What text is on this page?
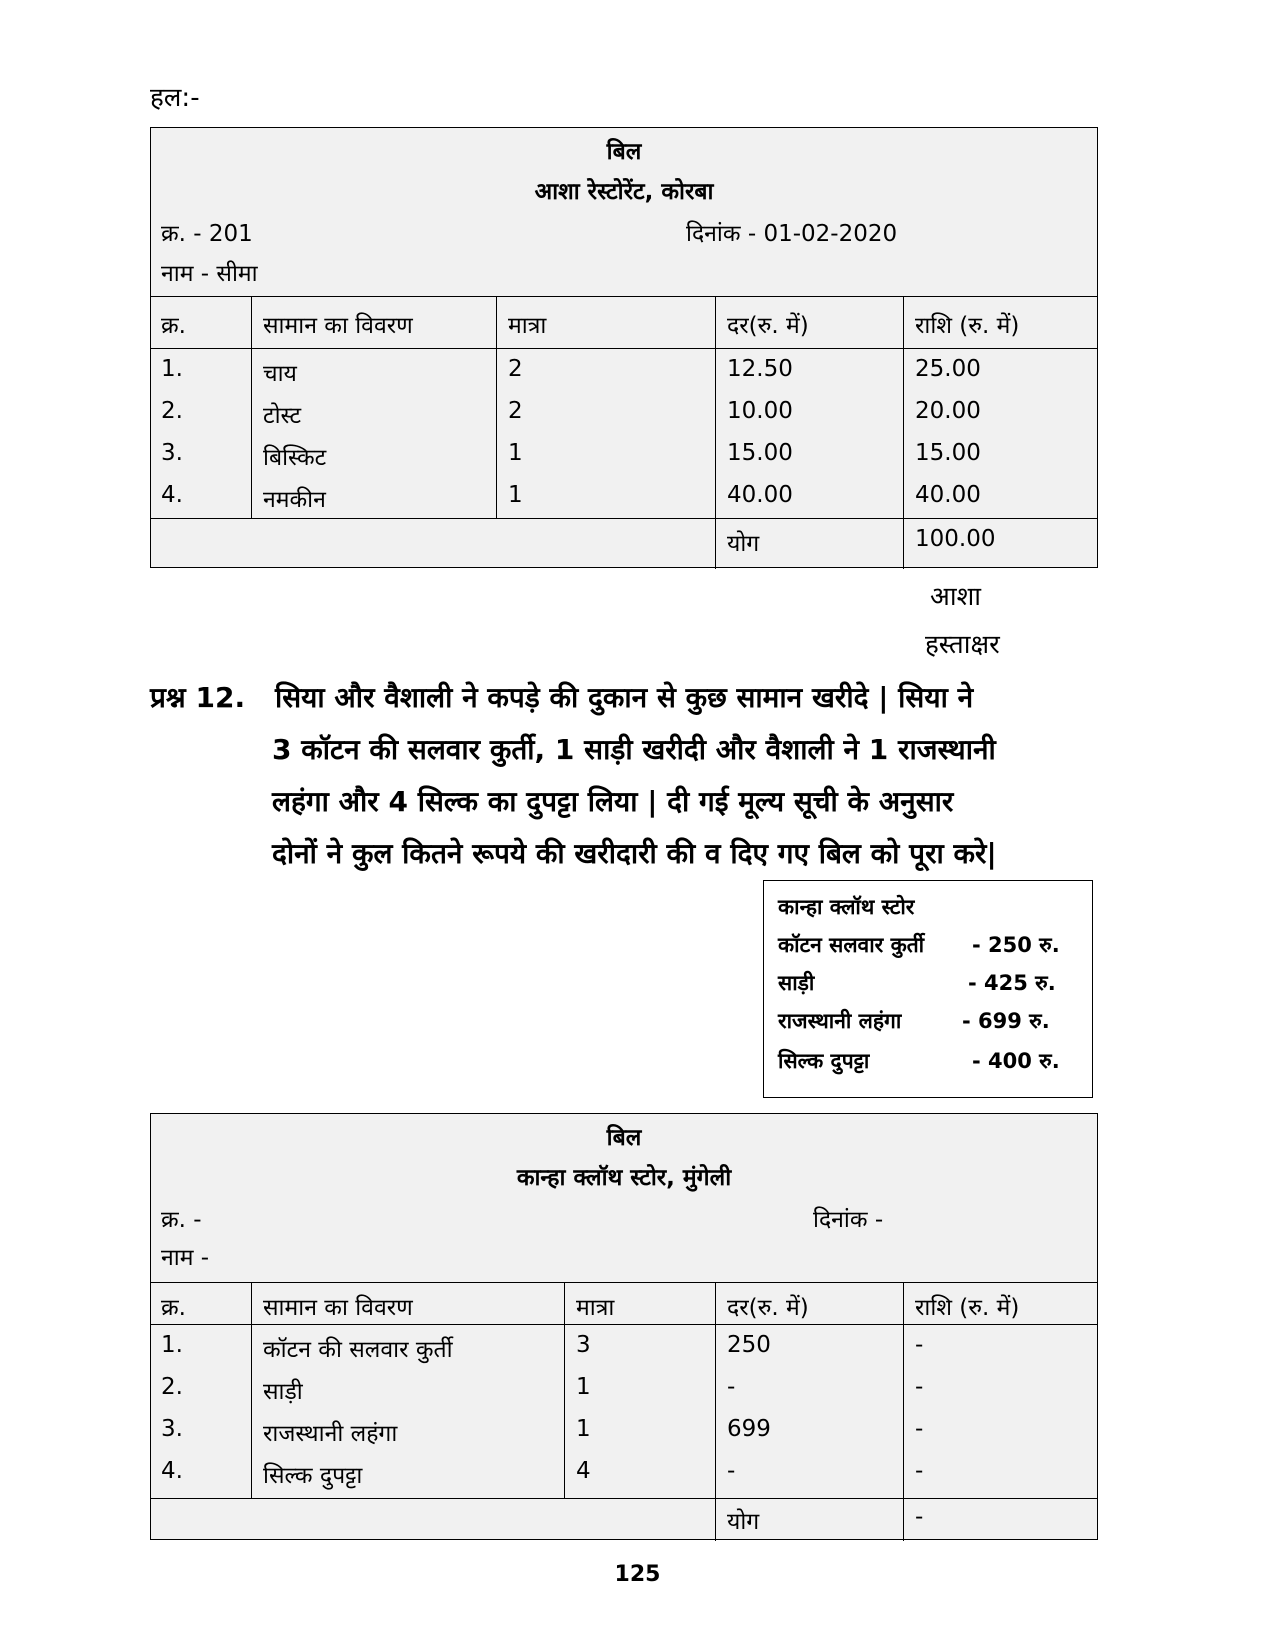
हल:-
बिल
आशा रेस्टोरेंट, कोरबा
क्र. - 201	दिनांक - 01-02-2020
नाम - सीमा
क्र.	सामान का विवरण	मात्रा	दर(रु. में)	राशि (रु. में)
1.	चाय	2	12.50	25.00
2.	टोस्ट	2	10.00	20.00
3.	बिस्किट	1	15.00	15.00
4.	नमकीन	1	40.00	40.00
योग	100.00
आशा
हस्ताक्षर
प्रश्न 12. सिया और वैशाली ने कपड़े की दुकान से कुछ सामान खरीदे | सिया ने
3 कॉटन की सलवार कुर्ती, 1 साड़ी खरीदी और वैशाली ने 1 राजस्थानी
लहंगा और 4 सिल्क का दुपट्टा लिया | दी गई मूल्य सूची के अनुसार
दोनों ने कुल कितने रूपये की खरीदारी की व दिए गए बिल को पूरा करे|
कान्हा क्लॉथ स्टोर
कॉटन सलवार कुर्ती - 250 रु.
साड़ी	- 425 रु.
राजस्थानी लहंगा	- 699 रु.
सिल्क दुपट्टा	- 400 रु.
बिल
कान्हा क्लॉथ स्टोर, मुंगेली
क्र. -	दिनांक -
नाम -
क्र.	सामान का विवरण	मात्रा	दर(रु. में)	राशि (रु. में)
1.	कॉटन की सलवार कुर्ती	3	250	-
2.	साड़ी	1	-	-
3.	राजस्थानी लहंगा	1	699	-
4.	सिल्क दुपट्टा	4	-	-
योग	-
125
